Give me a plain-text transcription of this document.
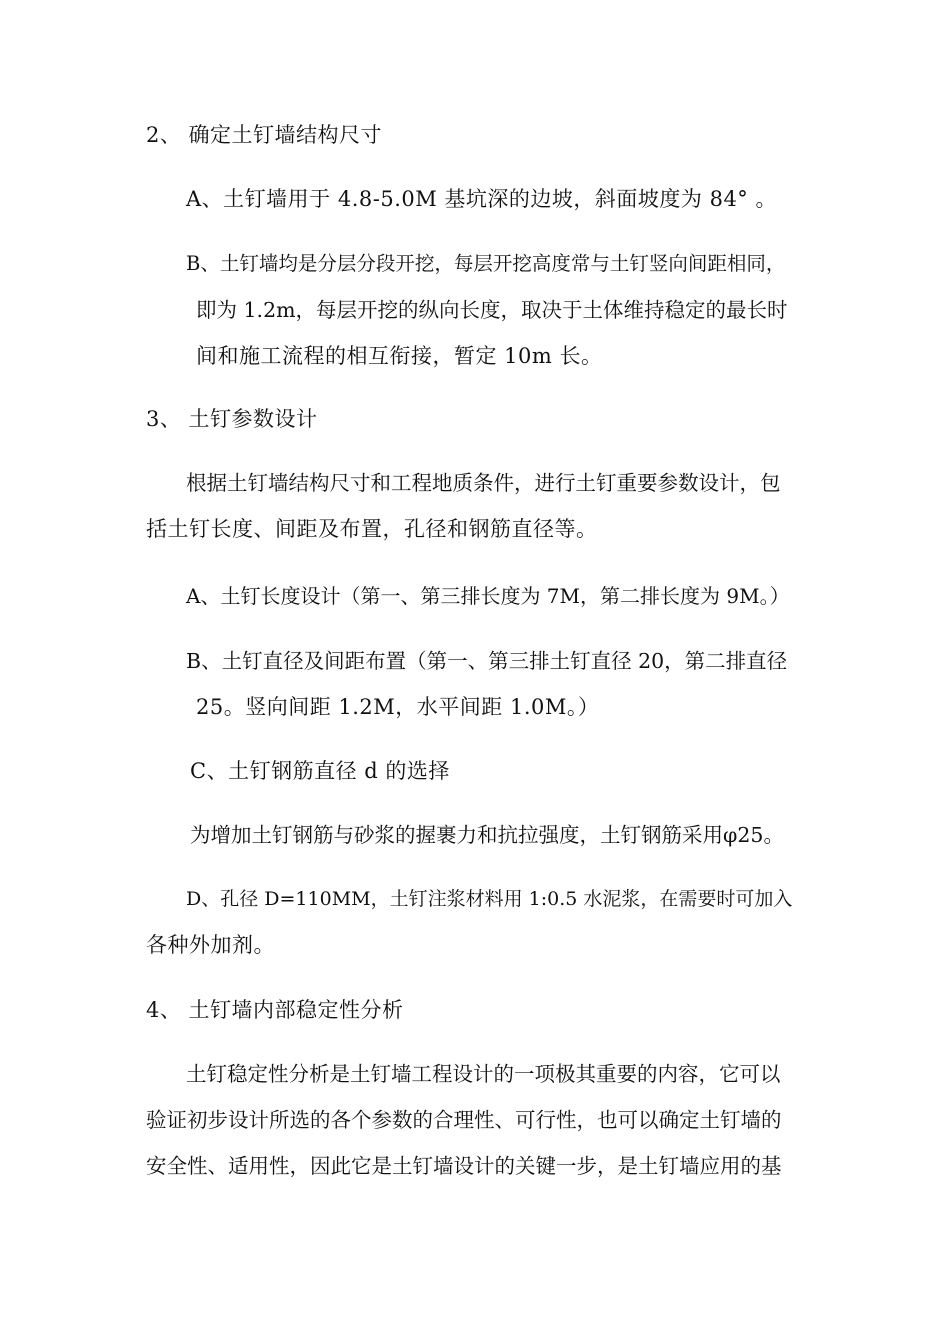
2、 确定土钉墙结构尺寸
A、土钉墙用于 4.8-5.0M 基坑深的边坡，斜面坡度为 84° 。
B、土钉墙均是分层分段开挖，每层开挖高度常与土钉竖向间距相同，
即为 1.2m，每层开挖的纵向长度，取决于土体维持稳定的最长时
间和施工流程的相互衔接，暂定 10m 长。
3、 土钉参数设计
根据土钉墙结构尺寸和工程地质条件，进行土钉重要参数设计，包
括土钉长度、间距及布置，孔径和钢筋直径等。
A、土钉长度设计（第一、第三排长度为 7M，第二排长度为 9M。）
B、土钉直径及间距布置（第一、第三排土钉直径 20，第二排直径
25。竖向间距 1.2M，水平间距 1.0M。）
C、土钉钢筋直径 d 的选择
为增加土钉钢筋与砂浆的握裹力和抗拉强度，土钉钢筋采用φ25。
D、孔径 D=110MM，土钉注浆材料用 1:0.5 水泥浆，在需要时可加入
各种外加剂。
4、 土钉墙内部稳定性分析
土钉稳定性分析是土钉墙工程设计的一项极其重要的内容，它可以
验证初步设计所选的各个参数的合理性、可行性，也可以确定土钉墙的
安全性、适用性，因此它是土钉墙设计的关键一步，是土钉墙应用的基
